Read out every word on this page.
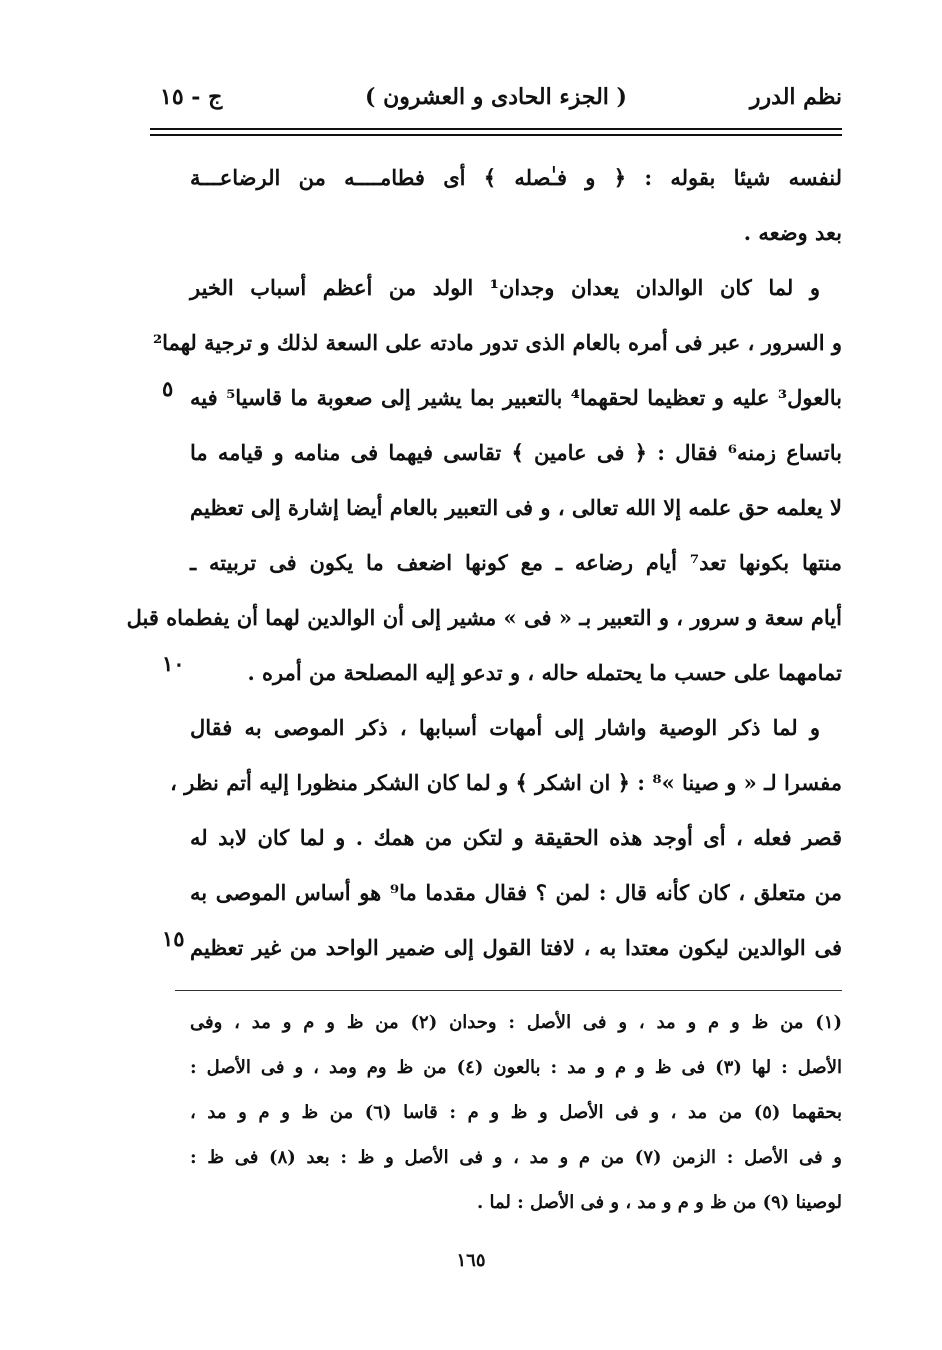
نظم الدرر
( الجزء الحادى و العشرون )
ج - ١٥
لنفسه شيئا بقوله : ﴿ و فـٰصله ﴾ أى فطامــــه من الرضاعـــة
بعد وضعه .
و لما كان الوالدان يعدان وجدان¹ الولد من أعظم أسباب الخير
و السرور ، عبر فى أمره بالعام الذى تدور مادته على السعة لذلك و ترجية لهما²
بالعول³ عليه و تعظيما لحقهما⁴ بالتعبير بما يشير إلى صعوبة ما قاسيا⁵ فيه
باتساع زمنه⁶ فقال : ﴿ فى عامين ﴾ تقاسى فيهما فى منامه و قيامه ما
لا يعلمه حق علمه إلا الله تعالى ، و فى التعبير بالعام أيضا إشارة إلى تعظيم
منتها بكونها تعد⁷ أيام رضاعه ـ مع كونها اضعف ما يكون فى تربيته ـ
أيام سعة و سرور ، و التعبير بـ « فى » مشير إلى أن الوالدين لهما أن يفطماه قبل
تمامهما على حسب ما يحتمله حاله ، و تدعو إليه المصلحة من أمره .
و لما ذكر الوصية واشار إلى أمهات أسبابها ، ذكر الموصى به فقال
مفسرا لـ « و صينا »⁸ : ﴿ ان اشكر ﴾ و لما كان الشكر منظورا إليه أتم نظر ،
قصر فعله ، أى أوجد هذه الحقيقة و لتكن من همك . و لما كان لابد له
من متعلق ، كان كأنه قال : لمن ؟ فقال مقدما ما⁹ هو أساس الموصى به
فى الوالدين ليكون معتدا به ، لافتا القول إلى ضمير الواحد من غير تعظيم
٥
١٠
١٥
(١) من ظ و م و مد ، و فى الأصل : وحدان (٢) من ظ و م و مد ، وفى
الأصل : لها (٣) فى ظ و م و مد : بالعون (٤) من ظ وم ومد ، و فى الأصل :
بحقهما (٥) من مد ، و فى الأصل و ظ و م : قاسا (٦) من ظ و م و مد ،
و فى الأصل : الزمن (٧) من م و مد ، و فى الأصل و ظ : بعد (٨) فى ظ :
لوصينا (٩) من ظ و م و مد ، و فى الأصل : لما .
١٦٥
